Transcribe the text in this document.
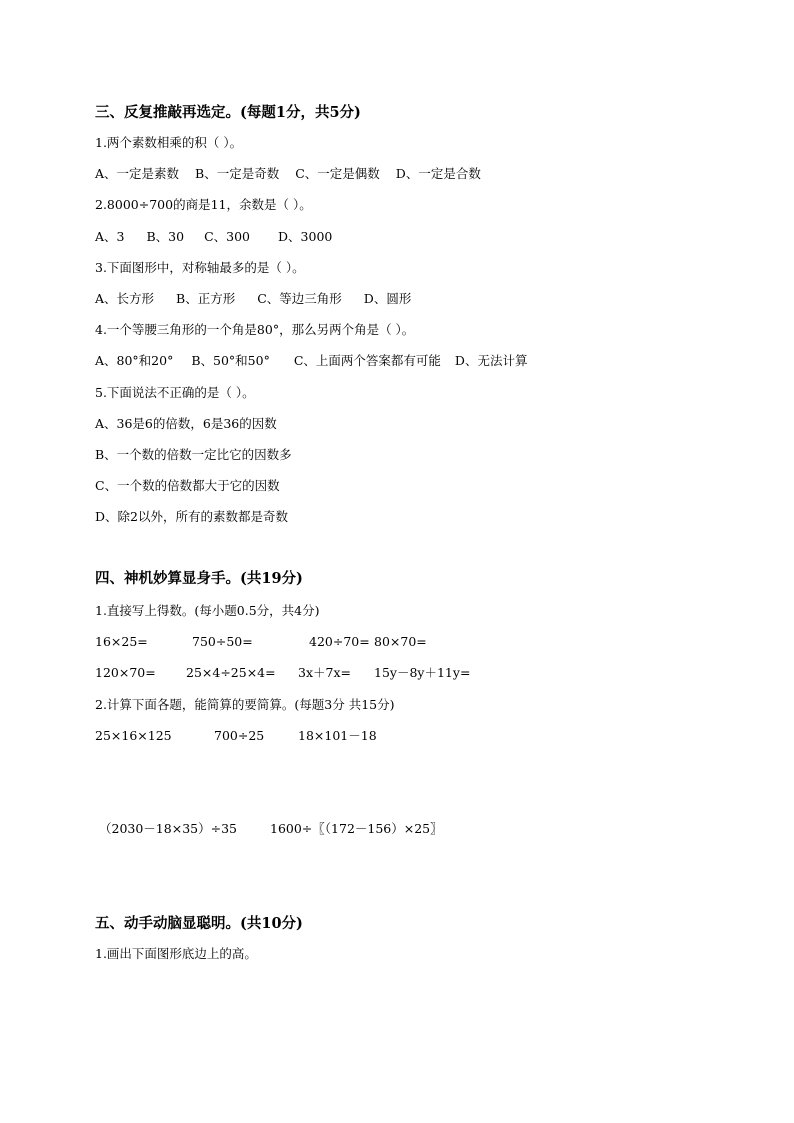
三、反复推敲再选定。(每题1分，共5分)
1.两个素数相乘的积（ ）。
A、一定是素数 B、一定是奇数 C、一定是偶数 D、一定是合数
2.8000÷700的商是11，余数是（ ）。
A、3 B、30 C、300 D、3000
3.下面图形中，对称轴最多的是（ ）。
A、长方形 B、正方形 C、等边三角形 D、圆形
4.一个等腰三角形的一个角是80°，那么另两个角是（ ）。
A、80°和20° B、50°和50° C、上面两个答案都有可能 D、无法计算
5.下面说法不正确的是（ ）。
A、36是6的倍数，6是36的因数
B、一个数的倍数一定比它的因数多
C、一个数的倍数都大于它的因数
D、除2以外，所有的素数都是奇数
四、神机妙算显身手。(共19分)
1.直接写上得数。(每小题0.5分，共4分)
16×25=	750÷50=	420÷70= 80×70=
120×70= 25×4÷25×4= 3x＋7x= 15y－8y＋11y=
2.计算下面各题，能简算的要简算。(每题3分 共15分)
25×16×125	700÷25	18×101－18
（2030－18×35）÷35	1600÷〖（172－156）×25〗
五、动手动脑显聪明。(共10分)
1.画出下面图形底边上的高。
